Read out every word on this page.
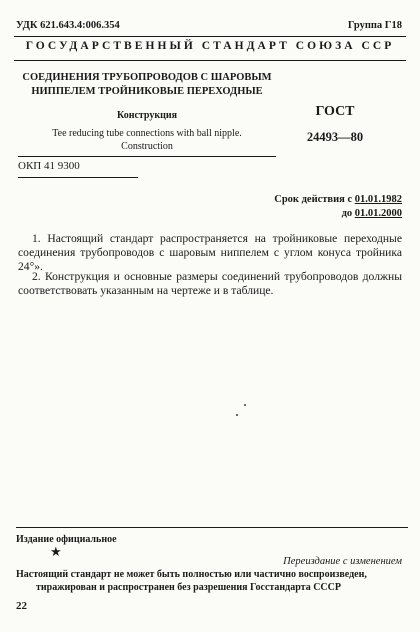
УДК 621.643.4:006.354	Группа Г18
ГОСУДАРСТВЕННЫЙ СТАНДАРТ СОЮЗА ССР
СОЕДИНЕНИЯ ТРУБОПРОВОДОВ С ШАРОВЫМ
НИППЕЛЕМ ТРОЙНИКОВЫЕ ПЕРЕХОДНЫЕ
Конструкция
Tee reducing tube connections with ball nipple.
Construction
ГОСТ
24493—80
ОКП 41 9300
Срок действия с 01.01.1982
до 01.01.2000
1. Настоящий стандарт распространяется на тройниковые переходные соединения трубопроводов с шаровым ниппелем с углом конуса тройника 24°».
2. Конструкция и основные размеры соединений трубопроводов должны соответствовать указанным на чертеже и в таблице.
Издание официальное
★
Переиздание с изменением
Настоящий стандарт не может быть полностью или частично воспроизведен,
тиражирован и распространен без разрешения Госстандарта СССР
22
